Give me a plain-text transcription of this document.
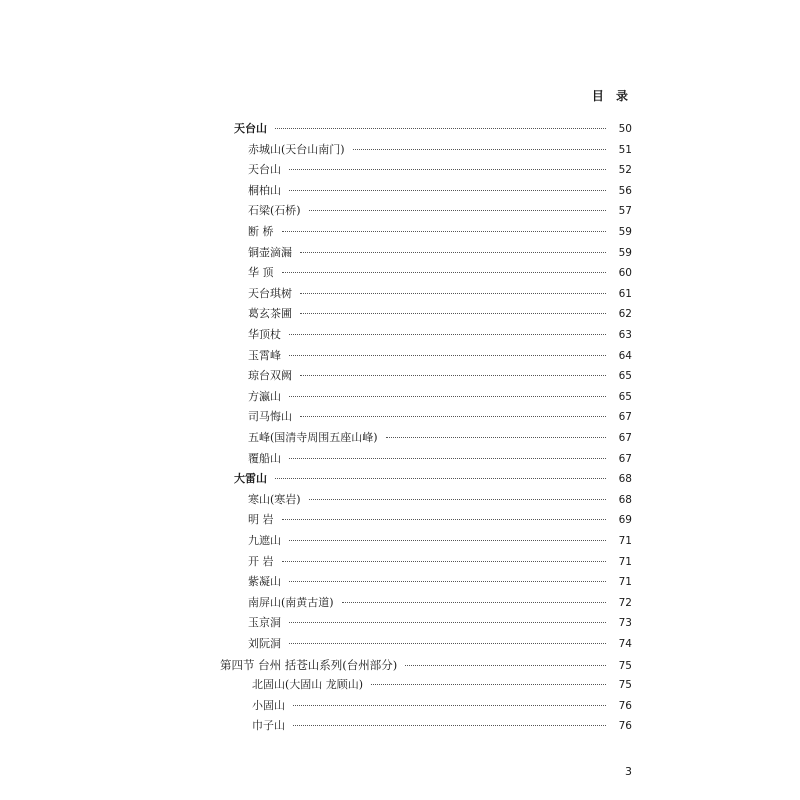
目 录
天台山	50
赤城山(天台山南门)	51
天台山	52
桐柏山	56
石梁(石桥)	57
断 桥	59
铜壶滴漏	59
华 顶	60
天台琪树	61
葛玄茶圃	62
华顶杖	63
玉霄峰	64
琼台双阙	65
方瀛山	65
司马悔山	67
五峰(国清寺周围五座山峰)	67
覆船山	67
大雷山	68
寒山(寒岩)	68
明 岩	69
九遮山	71
开 岩	71
紫凝山	71
南屏山(南黄古道)	72
玉京洞	73
刘阮洞	74
第四节 台州 括苍山系列(台州部分)	75
北固山(大固山 龙顾山)	75
小固山	76
巾子山	76
3
